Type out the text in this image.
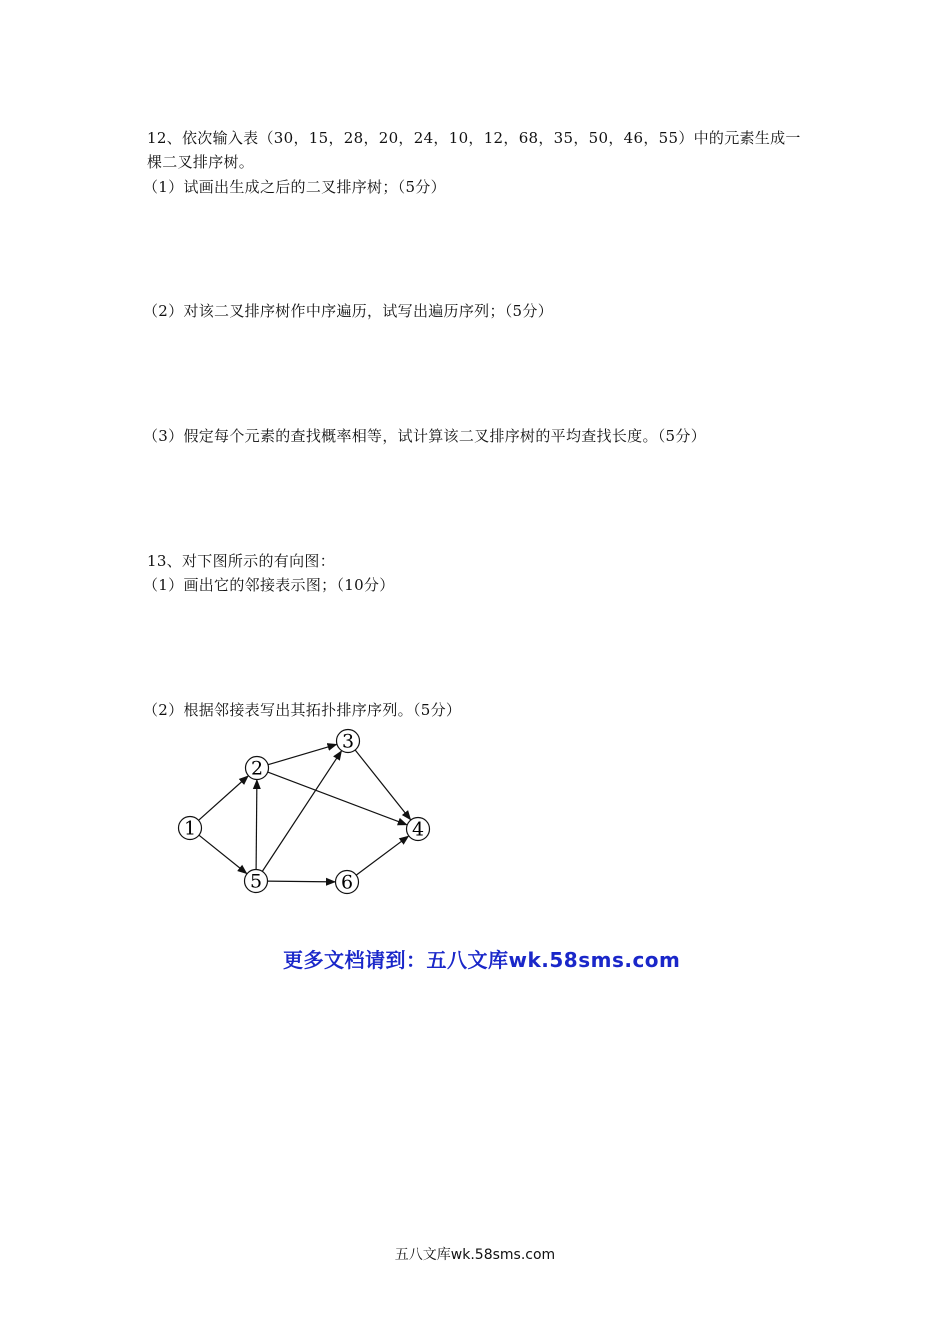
12、依次输入表（30，15，28，20，24，10，12，68，35，50，46，55）中的元素生成一
棵二叉排序树。
（1）试画出生成之后的二叉排序树；（5分）
（2）对该二叉排序树作中序遍历，试写出遍历序列；（5分）
（3）假定每个元素的查找概率相等，试计算该二叉排序树的平均查找长度。（5分）
13、对下图所示的有向图：
（1）画出它的邻接表示图；（10分）
（2）根据邻接表写出其拓扑排序序列。（5分）
1
2
3
4
5	6
更多文档请到：五八文库wk.58sms.com
五八文库wk.58sms.com
